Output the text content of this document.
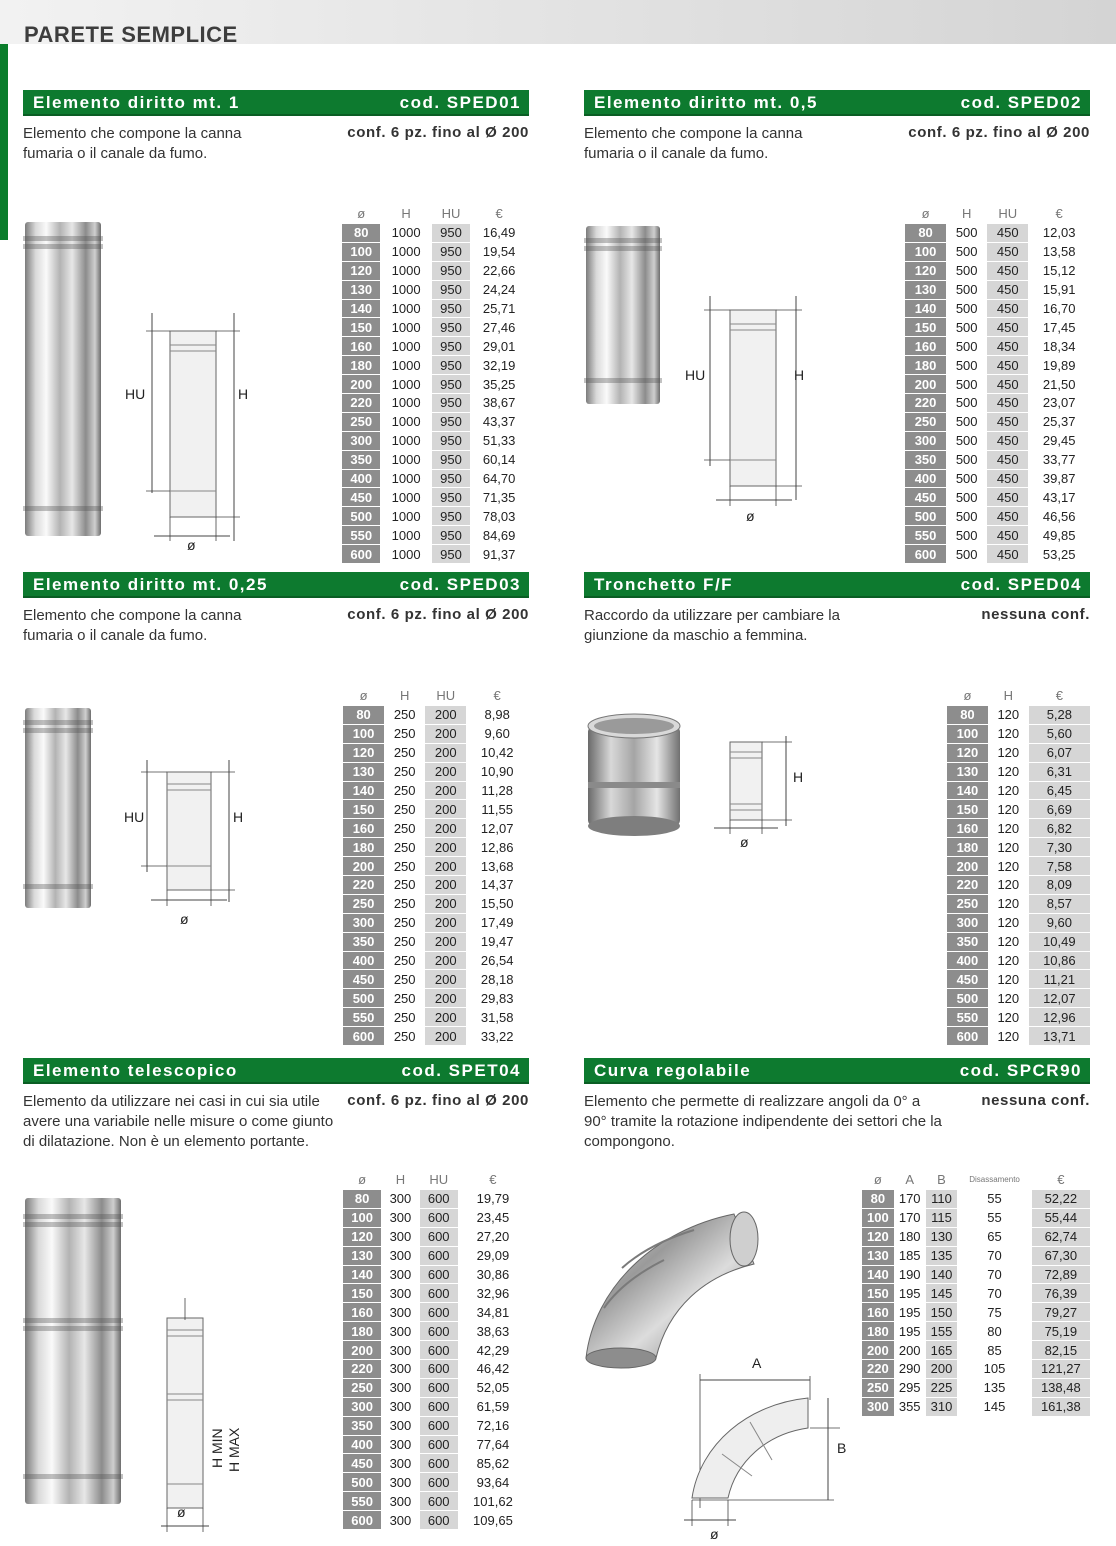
PARETE SEMPLICE
Elemento diritto mt. 1	cod. SPED01
Elemento che compone la canna fumaria o il canale da fumo.
conf. 6 pz. fino al Ø 200
HU	H
ø
ø	H	HU	€
80	1000	950	16,49
100	1000	950	19,54
120	1000	950	22,66
130	1000	950	24,24
140	1000	950	25,71
150	1000	950	27,46
160	1000	950	29,01
180	1000	950	32,19
200	1000	950	35,25
220	1000	950	38,67
250	1000	950	43,37
300	1000	950	51,33
350	1000	950	60,14
400	1000	950	64,70
450	1000	950	71,35
500	1000	950	78,03
550	1000	950	84,69
600	1000	950	91,37
Elemento diritto mt. 0,5	cod. SPED02
Elemento che compone la canna fumaria o il canale da fumo.
conf. 6 pz. fino al Ø 200
HU	H
ø
ø	H	HU	€
80	500	450	12,03
100	500	450	13,58
120	500	450	15,12
130	500	450	15,91
140	500	450	16,70
150	500	450	17,45
160	500	450	18,34
180	500	450	19,89
200	500	450	21,50
220	500	450	23,07
250	500	450	25,37
300	500	450	29,45
350	500	450	33,77
400	500	450	39,87
450	500	450	43,17
500	500	450	46,56
550	500	450	49,85
600	500	450	53,25
Elemento diritto mt. 0,25	cod. SPED03
Elemento che compone la canna fumaria o il canale da fumo.
conf. 6 pz. fino al Ø 200
HU	H
ø
ø	H	HU	€
80	250	200	8,98
100	250	200	9,60
120	250	200	10,42
130	250	200	10,90
140	250	200	11,28
150	250	200	11,55
160	250	200	12,07
180	250	200	12,86
200	250	200	13,68
220	250	200	14,37
250	250	200	15,50
300	250	200	17,49
350	250	200	19,47
400	250	200	26,54
450	250	200	28,18
500	250	200	29,83
550	250	200	31,58
600	250	200	33,22
Tronchetto F/F	cod. SPED04
Raccordo da utilizzare per cambiare la giunzione da maschio a femmina.
nessuna conf.
H
ø
ø	H	€
80	120	5,28
100	120	5,60
120	120	6,07
130	120	6,31
140	120	6,45
150	120	6,69
160	120	6,82
180	120	7,30
200	120	7,58
220	120	8,09
250	120	8,57
300	120	9,60
350	120	10,49
400	120	10,86
450	120	11,21
500	120	12,07
550	120	12,96
600	120	13,71
Elemento telescopico	cod. SPET04
Elemento da utilizzare nei casi in cui sia utile avere una variabile nelle misure o come giunto di dilatazione. Non è un elemento portante.
conf. 6 pz. fino al Ø 200
H MIN H MAX
ø
ø	H	HU	€
80	300	600	19,79
100	300	600	23,45
120	300	600	27,20
130	300	600	29,09
140	300	600	30,86
150	300	600	32,96
160	300	600	34,81
180	300	600	38,63
200	300	600	42,29
220	300	600	46,42
250	300	600	52,05
300	300	600	61,59
350	300	600	72,16
400	300	600	77,64
450	300	600	85,62
500	300	600	93,64
550	300	600	101,62
600	300	600	109,65
Curva regolabile	cod. SPCR90
Elemento che permette di realizzare angoli da 0° a 90° tramite la rotazione indipendente dei settori che la compongono.
nessuna conf.
A
B
ø
ø	A	B	Disassamento	€
80	170	110	55	52,22
100	170	115	55	55,44
120	180	130	65	62,74
130	185	135	70	67,30
140	190	140	70	72,89
150	195	145	70	76,39
160	195	150	75	79,27
180	195	155	80	75,19
200	200	165	85	82,15
220	290	200	105	121,27
250	295	225	135	138,48
300	355	310	145	161,38
